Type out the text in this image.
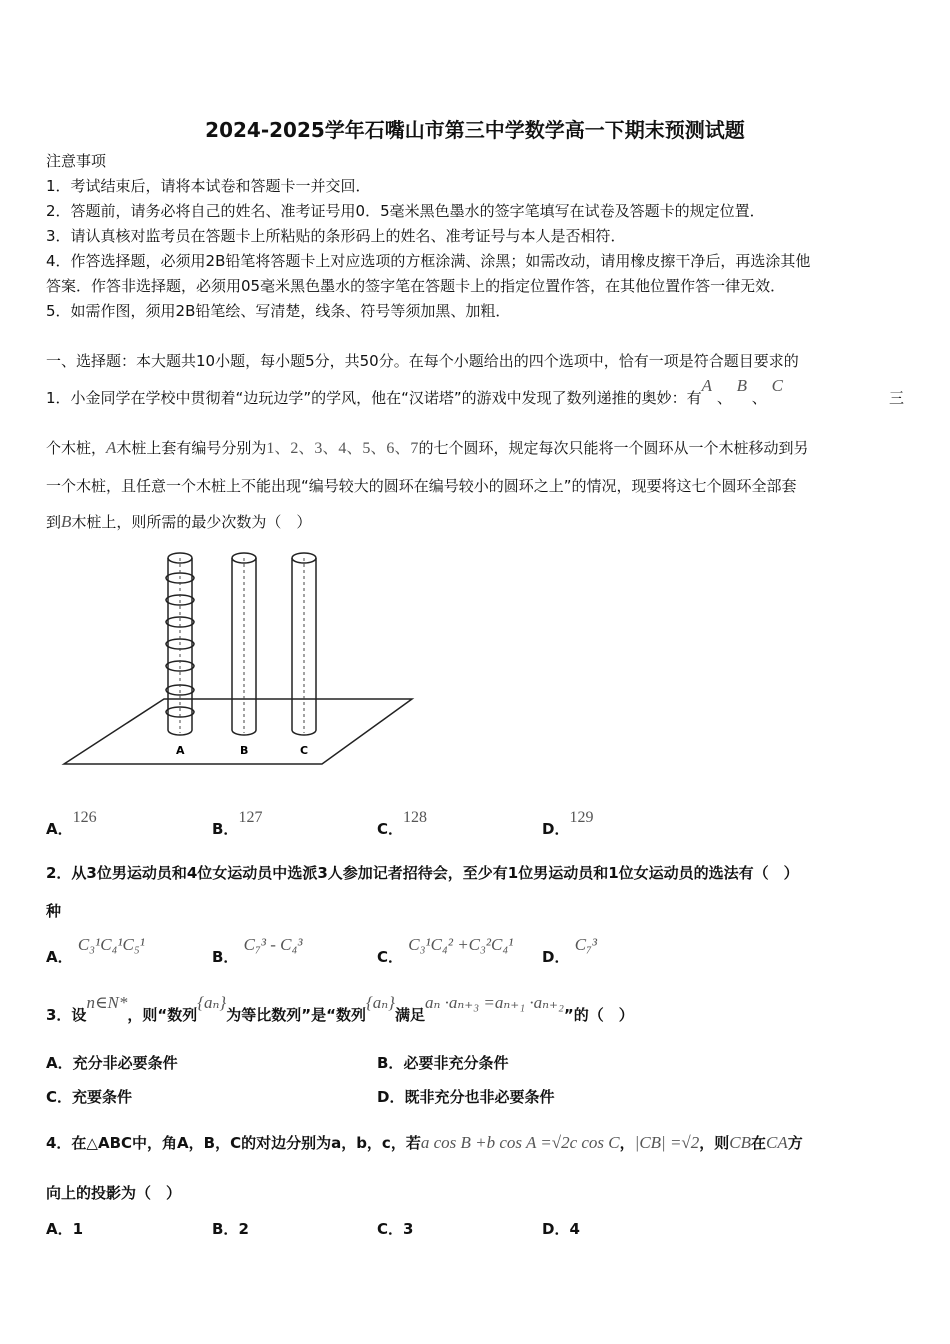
2024-2025学年石嘴山市第三中学数学高一下期末预测试题
注意事项
1．考试结束后，请将本试卷和答题卡一并交回．
2．答题前，请务必将自己的姓名、准考证号用0．5毫米黑色墨水的签字笔填写在试卷及答题卡的规定位置．
3．请认真核对监考员在答题卡上所粘贴的条形码上的姓名、准考证号与本人是否相符．
4．作答选择题，必须用2B铅笔将答题卡上对应选项的方框涂满、涂黑；如需改动，请用橡皮擦干净后，再选涂其他
答案．作答非选择题，必须用05毫米黑色墨水的签字笔在答题卡上的指定位置作答，在其他位置作答一律无效．
5．如需作图，须用2B铅笔绘、写清楚，线条、符号等须加黑、加粗．
一、选择题：本大题共10小题，每小题5分，共50分。在每个小题给出的四个选项中，恰有一项是符合题目要求的
1．小金同学在学校中贯彻着“边玩边学”的学风，他在“汉诺塔”的游戏中发现了数列递推的奥妙：有A 、 B 、 C
三
个木桩，A木桩上套有编号分别为1、2、3、4、5、6、7的七个圆环，规定每次只能将一个圆环从一个木桩移动到另
一个木桩，且任意一个木桩上不能出现“编号较大的圆环在编号较小的圆环之上”的情况，现要将这七个圆环全部套
到B木桩上，则所需的最少次数为（　）
A	B	C
A．126
B．127
C．128
D．129
2．从3位男运动员和4位女运动员中选派3人参加记者招待会，至少有1位男运动员和1位女运动员的选法有（　）
种
A． C₃¹C₄¹C₅¹
B． C₇³ - C₄³
C． C₃¹C₄² +C₃²C₄¹
D． C₇³
3．设n∈N*，则“数列{aₙ}为等比数列”是“数列{aₙ}满足aₙ ·aₙ₊₃ =aₙ₊₁ ·aₙ₊₂”的（　）
A．充分非必要条件	B．必要非充分条件
C．充要条件	D．既非充分也非必要条件
4．在△ABC中，角A，B，C的对边分别为a，b，c，若a cos B +b cos A =√2c cos C，|CB| =√2，则CB在CA方
向上的投影为（　）
A．1	B．2	C．3	D．4
